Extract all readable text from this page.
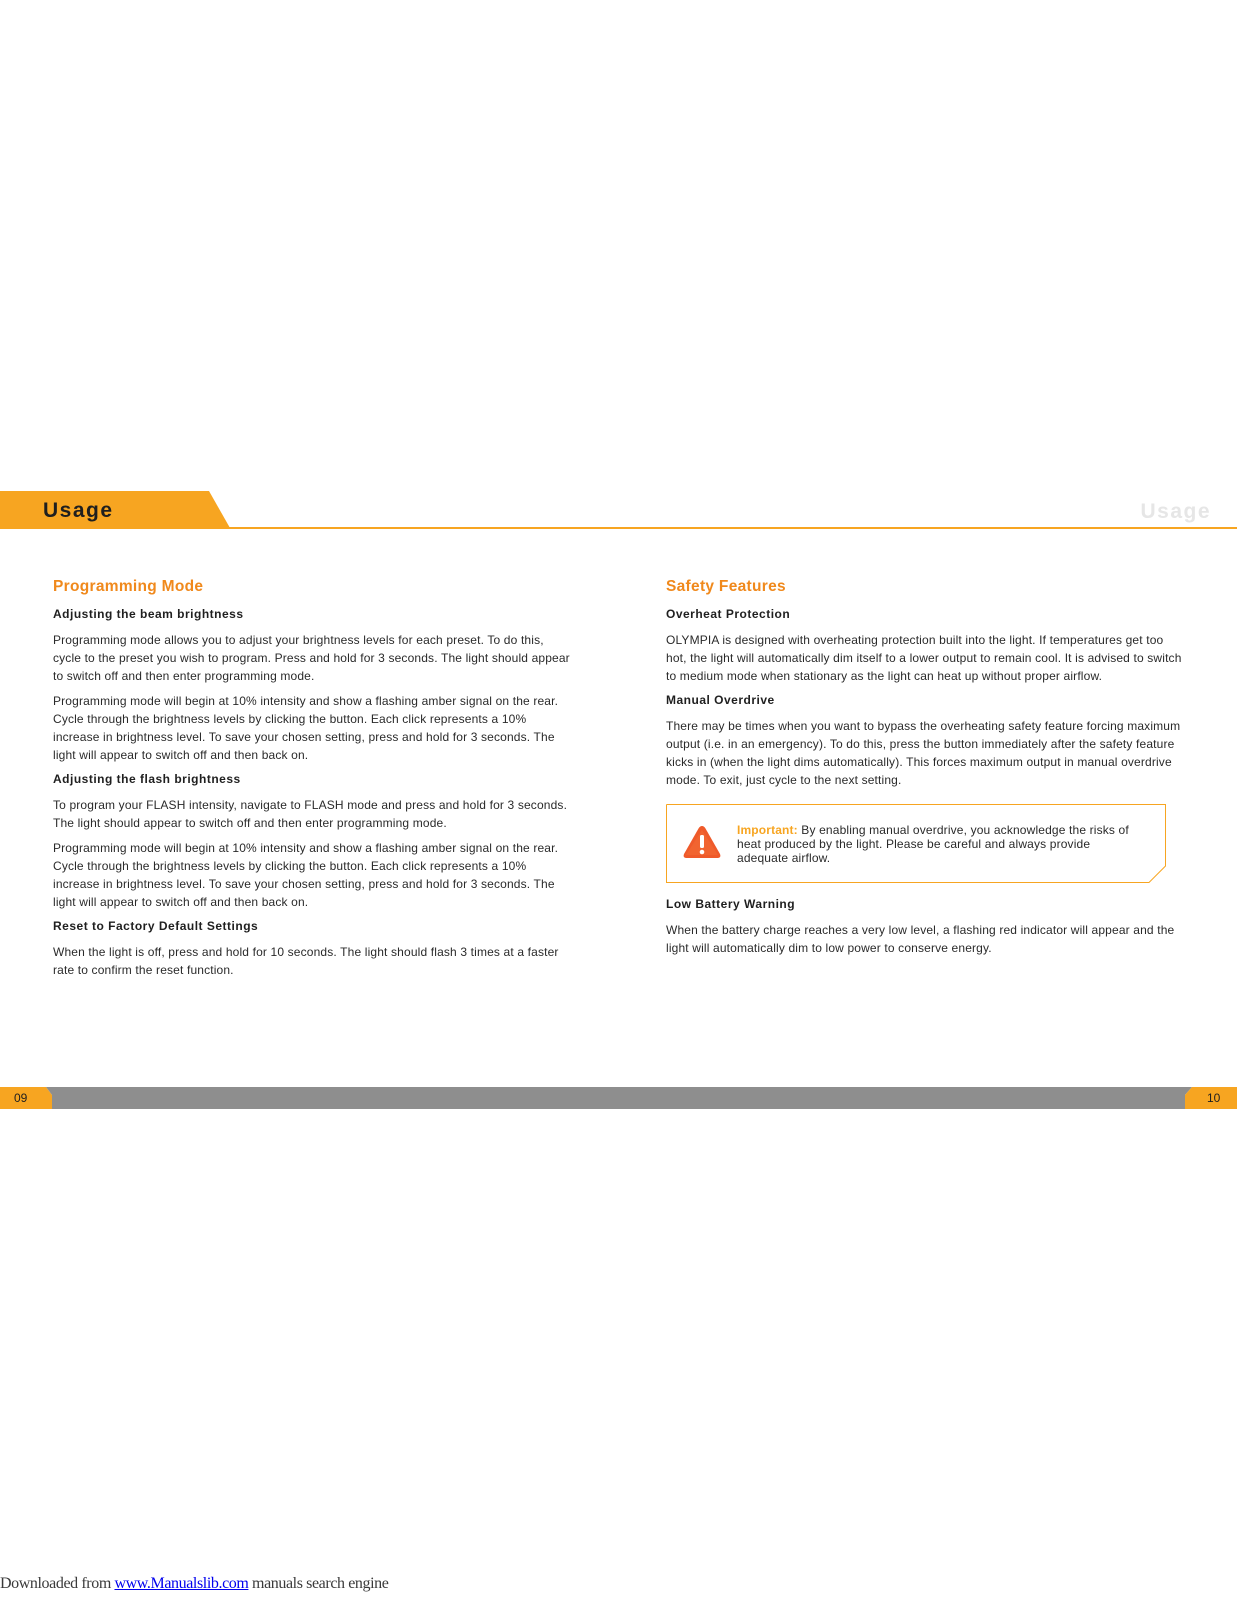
Usage	Usage
Programming Mode
Adjusting the beam brightness

Programming mode allows you to adjust your brightness levels for each preset. To do this, cycle to the preset you wish to program. Press and hold for 3 seconds. The light should appear to switch off and then enter programming mode.

Programming mode will begin at 10% intensity and show a flashing amber signal on the rear. Cycle through the brightness levels by clicking the button. Each click represents a 10% increase in brightness level. To save your chosen setting, press and hold for 3 seconds. The light will appear to switch off and then back on.

Adjusting the flash brightness

To program your FLASH intensity, navigate to FLASH mode and press and hold for 3 seconds. The light should appear to switch off and then enter programming mode.

Programming mode will begin at 10% intensity and show a flashing amber signal on the rear. Cycle through the brightness levels by clicking the button. Each click represents a 10% increase in brightness level. To save your chosen setting, press and hold for 3 seconds. The light will appear to switch off and then back on.

Reset to Factory Default Settings

When the light is off, press and hold for 10 seconds. The light should flash 3 times at a faster rate to confirm the reset function.

Safety Features
Overheat Protection

OLYMPIA is designed with overheating protection built into the light. If temperatures get too hot, the light will automatically dim itself to a lower output to remain cool. It is advised to switch to medium mode when stationary as the light can heat up without proper airflow.

Manual Overdrive

There may be times when you want to bypass the overheating safety feature forcing maximum output (i.e. in an emergency). To do this, press the button immediately after the safety feature kicks in (when the light dims automatically). This forces maximum output in manual overdrive mode. To exit, just cycle to the next setting.

Important: By enabling manual overdrive, you acknowledge the risks of heat produced by the light. Please be careful and always provide adequate airflow.
Low Battery Warning

When the battery charge reaches a very low level, a flashing red indicator will appear and the light will automatically dim to low power to conserve energy.

09	10
Downloaded from www.Manualslib.com manuals search engine
